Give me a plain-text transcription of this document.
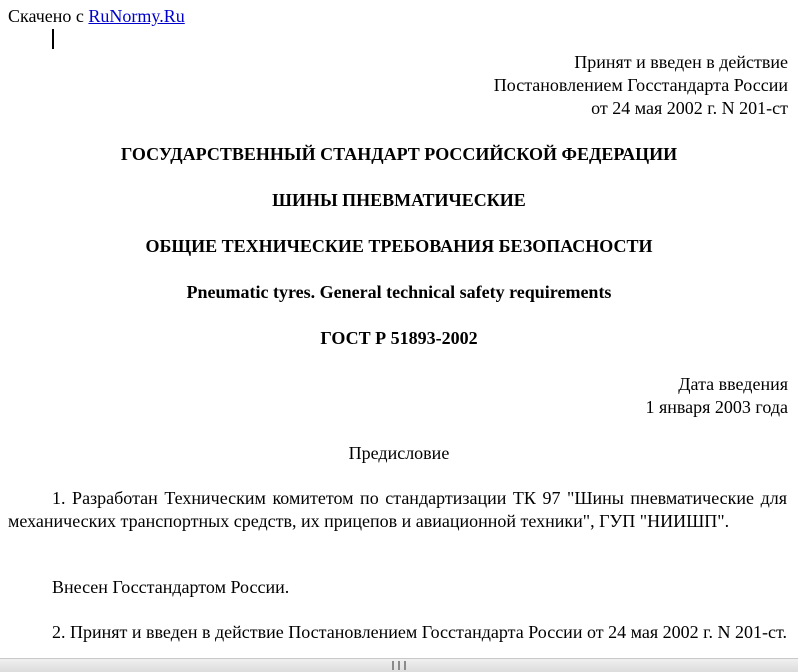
Скачено с RuNormy.Ru
Принят и введен в действие
Постановлением Госстандарта России
от 24 мая 2002 г. N 201-ст
ГОСУДАРСТВЕННЫЙ СТАНДАРТ РОССИЙСКОЙ ФЕДЕРАЦИИ
ШИНЫ ПНЕВМАТИЧЕСКИЕ
ОБЩИЕ ТЕХНИЧЕСКИЕ ТРЕБОВАНИЯ БЕЗОПАСНОСТИ
Pneumatic tyres. General technical safety requirements
ГОСТ Р 51893-2002
Дата введения
1 января 2003 года
Предисловие
1. Разработан Техническим комитетом по стандартизации ТК 97 "Шины пневматические для механических транспортных средств, их прицепов и авиационной техники", ГУП "НИИШП".
Внесен Госстандартом России.
2. Принят и введен в действие Постановлением Госстандарта России от 24 мая 2002 г. N 201-ст.
